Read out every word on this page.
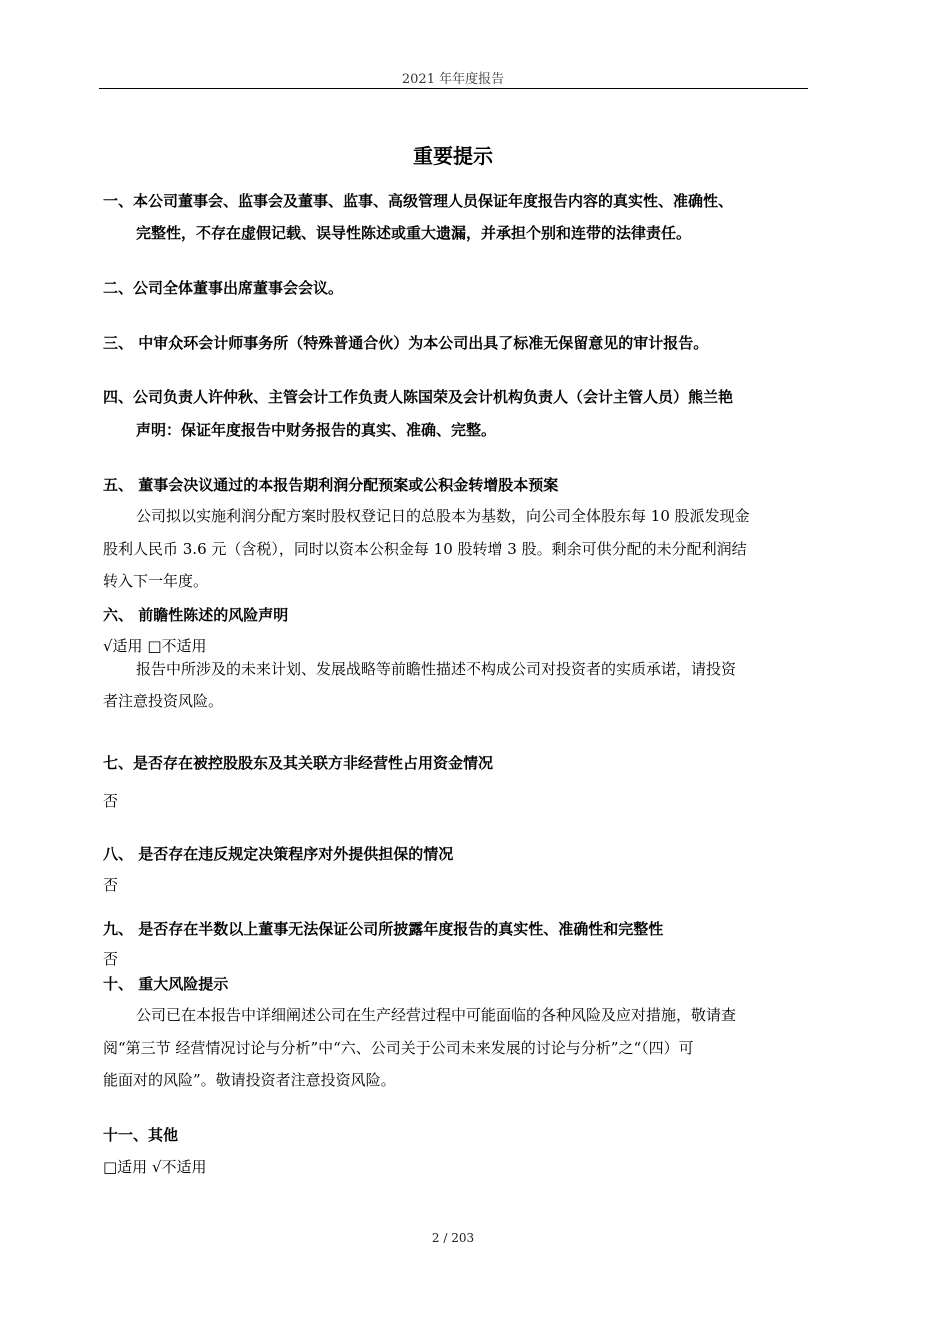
2021 年年度报告
重要提示
一、本公司董事会、监事会及董事、监事、高级管理人员保证年度报告内容的真实性、准确性、
完整性，不存在虚假记载、误导性陈述或重大遗漏，并承担个别和连带的法律责任。
二、公司全体董事出席董事会会议。
三、 中审众环会计师事务所（特殊普通合伙）为本公司出具了标准无保留意见的审计报告。
四、公司负责人许仲秋、主管会计工作负责人陈国荣及会计机构负责人（会计主管人员）熊兰艳
声明：保证年度报告中财务报告的真实、准确、完整。
五、 董事会决议通过的本报告期利润分配预案或公积金转增股本预案
公司拟以实施利润分配方案时股权登记日的总股本为基数，向公司全体股东每 10 股派发现金
股利人民币 3.6 元（含税），同时以资本公积金每 10 股转增 3 股。剩余可供分配的未分配利润结
转入下一年度。
六、 前瞻性陈述的风险声明
√适用 □不适用
报告中所涉及的未来计划、发展战略等前瞻性描述不构成公司对投资者的实质承诺，请投资
者注意投资风险。
七、是否存在被控股股东及其关联方非经营性占用资金情况
否
八、 是否存在违反规定决策程序对外提供担保的情况
否
九、 是否存在半数以上董事无法保证公司所披露年度报告的真实性、准确性和完整性
否
十、 重大风险提示
公司已在本报告中详细阐述公司在生产经营过程中可能面临的各种风险及应对措施，敬请查
阅“第三节 经营情况讨论与分析”中“六、公司关于公司未来发展的讨论与分析”之“（四）可
能面对的风险”。敬请投资者注意投资风险。
十一、其他
□适用 √不适用
2 / 203
